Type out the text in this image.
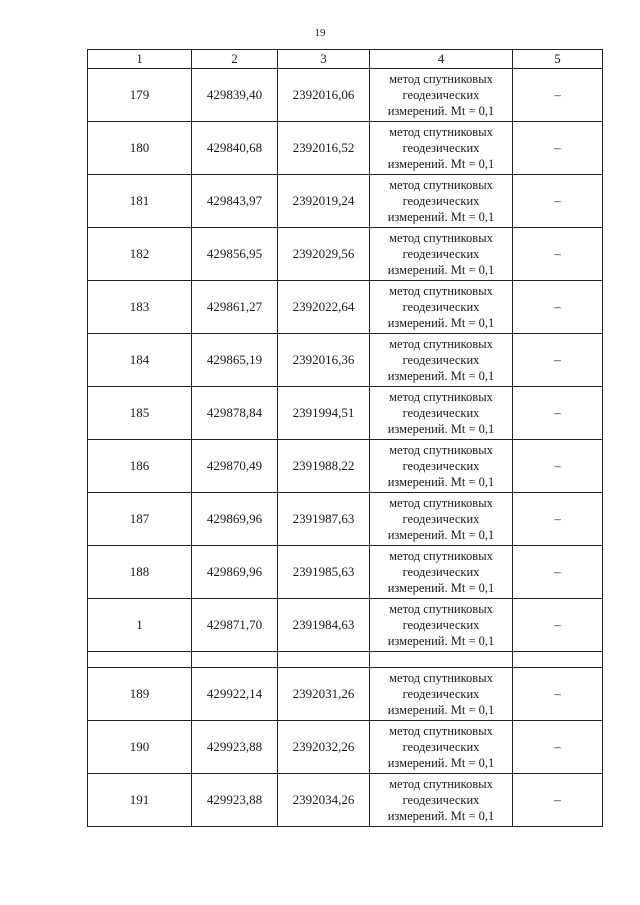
19
1	2	3	4	5
179	429839,40	2392016,06	метод спутниковых геодезических измерений. Mt = 0,1	–
180	429840,68	2392016,52	метод спутниковых геодезических измерений. Mt = 0,1	–
181	429843,97	2392019,24	метод спутниковых геодезических измерений. Mt = 0,1	–
182	429856,95	2392029,56	метод спутниковых геодезических измерений. Mt = 0,1	–
183	429861,27	2392022,64	метод спутниковых геодезических измерений. Mt = 0,1	–
184	429865,19	2392016,36	метод спутниковых геодезических измерений. Mt = 0,1	–
185	429878,84	2391994,51	метод спутниковых геодезических измерений. Mt = 0,1	–
186	429870,49	2391988,22	метод спутниковых геодезических измерений. Mt = 0,1	–
187	429869,96	2391987,63	метод спутниковых геодезических измерений. Mt = 0,1	–
188	429869,96	2391985,63	метод спутниковых геодезических измерений. Mt = 0,1	–
1	429871,70	2391984,63	метод спутниковых геодезических измерений. Mt = 0,1	–

189	429922,14	2392031,26	метод спутниковых геодезических измерений. Mt = 0,1	–
190	429923,88	2392032,26	метод спутниковых геодезических измерений. Mt = 0,1	–
191	429923,88	2392034,26	метод спутниковых геодезических измерений. Mt = 0,1	–
